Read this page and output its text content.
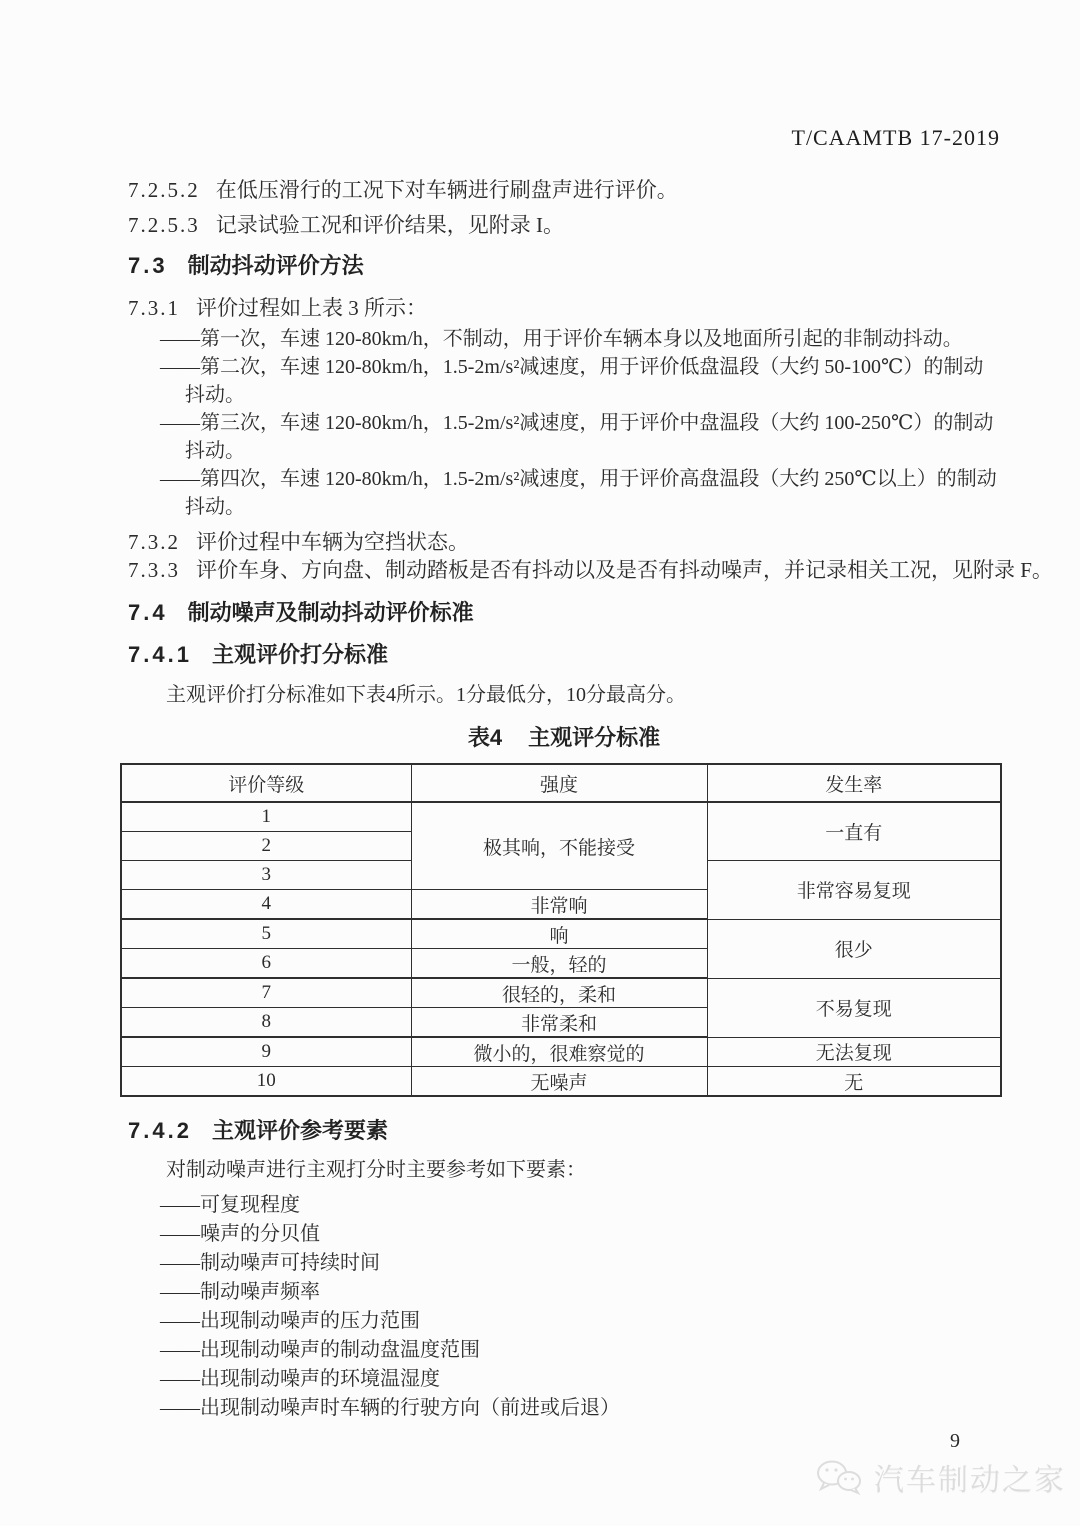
T/CAAMTB 17-2019
7.2.5.2 在低压滑行的工况下对车辆进行刷盘声进行评价。
7.2.5.3 记录试验工况和评价结果，见附录 I。
7.3 制动抖动评价方法
7.3.1 评价过程如上表 3 所示：
——第一次，车速 120-80km/h，不制动，用于评价车辆本身以及地面所引起的非制动抖动。
——第二次，车速 120-80km/h，1.5-2m/s²减速度，用于评价低盘温段（大约 50-100℃）的制动抖动。
——第三次，车速 120-80km/h，1.5-2m/s²减速度，用于评价中盘温段（大约 100-250℃）的制动抖动。
——第四次，车速 120-80km/h，1.5-2m/s²减速度，用于评价高盘温段（大约 250℃以上）的制动抖动。
7.3.2 评价过程中车辆为空挡状态。
7.3.3 评价车身、方向盘、制动踏板是否有抖动以及是否有抖动噪声，并记录相关工况，见附录 F。
7.4 制动噪声及制动抖动评价标准
7.4.1 主观评价打分标准
主观评价打分标准如下表4所示。1分最低分，10分最高分。
表4 主观评分标准
评价等级	强度	发生率
1	极其响，不能接受	一直有
2		
3		非常容易复现
4	非常响	
5	响	很少
6	一般，轻的	
7	很轻的，柔和	不易复现
8	非常柔和	
9	微小的，很难察觉的	无法复现
10	无噪声	无
7.4.2 主观评价参考要素
对制动噪声进行主观打分时主要参考如下要素：
——可复现程度
——噪声的分贝值
——制动噪声可持续时间
——制动噪声频率
——出现制动噪声的压力范围
——出现制动噪声的制动盘温度范围
——出现制动噪声的环境温湿度
——出现制动噪声时车辆的行驶方向（前进或后退）
9
汽车制动之家
